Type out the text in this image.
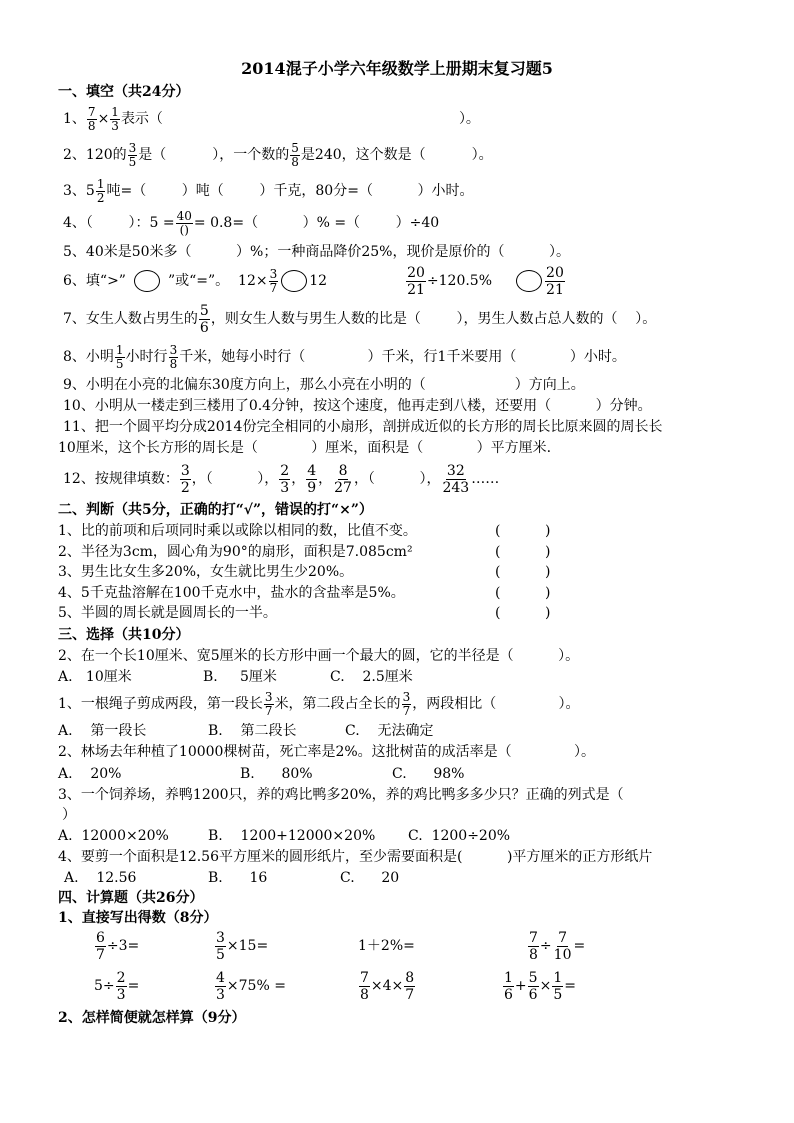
2014混子小学六年级数学上册期末复习题5
一、填空（共24分）
1、 $\frac{7}{8} \times \frac{1}{3}$ 表示（	）。
2、120的 $\frac{3}{5}$ 是（	），一个数的 $\frac{5}{8}$ 是240，这个数是（	）。
3、$5 \frac{1}{2}$ 吨=（        ）吨（        ）千克，80分=（          ）小时。
4、（        ）：$5 = \frac{40}{()} = 0.8=$（          ）% =（        ）÷40
5、40米是50米多（          ）%；一种商品降价25%，现价是原价的（          ）。
6、填“>”	”或“=”。  $12\times \frac{3}{7} 12$	$\frac{20}{21} \div 120.5\%$	$\frac{20}{21}$
7、女生人数占男生的 $\frac{5}{6}$ ，则女生人数与男生人数的比是（        ），男生人数占总人数的（    ）。
8、小明 $\frac{1}{5}$ 小时行 $\frac{3}{8}$ 千米，她每小时行（              ）千米，行1千米要用（            ）小时。
9、小明在小亮的北偏东30度方向上，那么小亮在小明的（                    ）方向上。
10、小明从一楼走到三楼用了0.4分钟，按这个速度，他再走到八楼，还要用（          ）分钟。
11、把一个圆平均分成2014份完全相同的小扇形，剖拼成近似的长方形的周长比原来圆的周长长
10厘米，这个长方形的周长是（            ）厘米，面积是（            ）平方厘米.
12、按规律填数： $\frac{3}{2}$ ，（          ）， $\frac{2}{3}$ ， $\frac{4}{9}$ ， $\frac{8}{27}$ ，（          ）， $\frac{32}{243}$ ……
二、判断（共5分，正确的打“√”，错误的打“×”）
1、比的前项和后项同时乘以或除以相同的数，比值不变。	(          )
2、半径为3cm，圆心角为90°的扇形，面积是7.085cm²	(          )
3、男生比女生多20%，女生就比男生少20%。	(          )
4、5千克盐溶解在100千克水中，盐水的含盐率是5%。	(          )
5、半圆的周长就是圆周长的一半。	(          )
三、选择（共10分）
2、在一个长10厘米、宽5厘米的长方形中画一个最大的圆，它的半径是（          ）。
A.   10厘米	B.     5厘米	C.    2.5厘米
1、一根绳子剪成两段，第一段长 $\frac{3}{7}$ 米，第二段占全长的 $\frac{3}{7}$ ，两段相比（              ）。
A.    第一段长	B.    第二段长	C.    无法确定
2、林场去年种植了10000棵树苗，死亡率是2%。这批树苗的成活率是（              ）。
A.    20%	B.      80%	C.      98%
3、一个饲养场，养鸭1200只，养的鸡比鸭多20%，养的鸡比鸭多多少只？正确的列式是（
）
A.  12000×20%	B.    1200+12000×20% C.  1200÷20%
4、要剪一个面积是12.56平方厘米的圆形纸片，至少需要面积是(          )平方厘米的正方形纸片
A.    12.56	B.      16	C.      20
四、计算题（共26分）
1、直接写出得数（8分）
$\frac{6}{7} \div 3=$	$\frac{3}{5} \times 15=$	1＋2%=	$\frac{7}{8} \div \frac{7}{10}$ =
$5\div \frac{2}{3}$ =	$\frac{4}{3} \times 75\%$ =	$\frac{7}{8} \times 4\times \frac{8}{7}$	$\frac{1}{6} + \frac{5}{6} \times \frac{1}{5}$ =
2、怎样简便就怎样算（9分）
